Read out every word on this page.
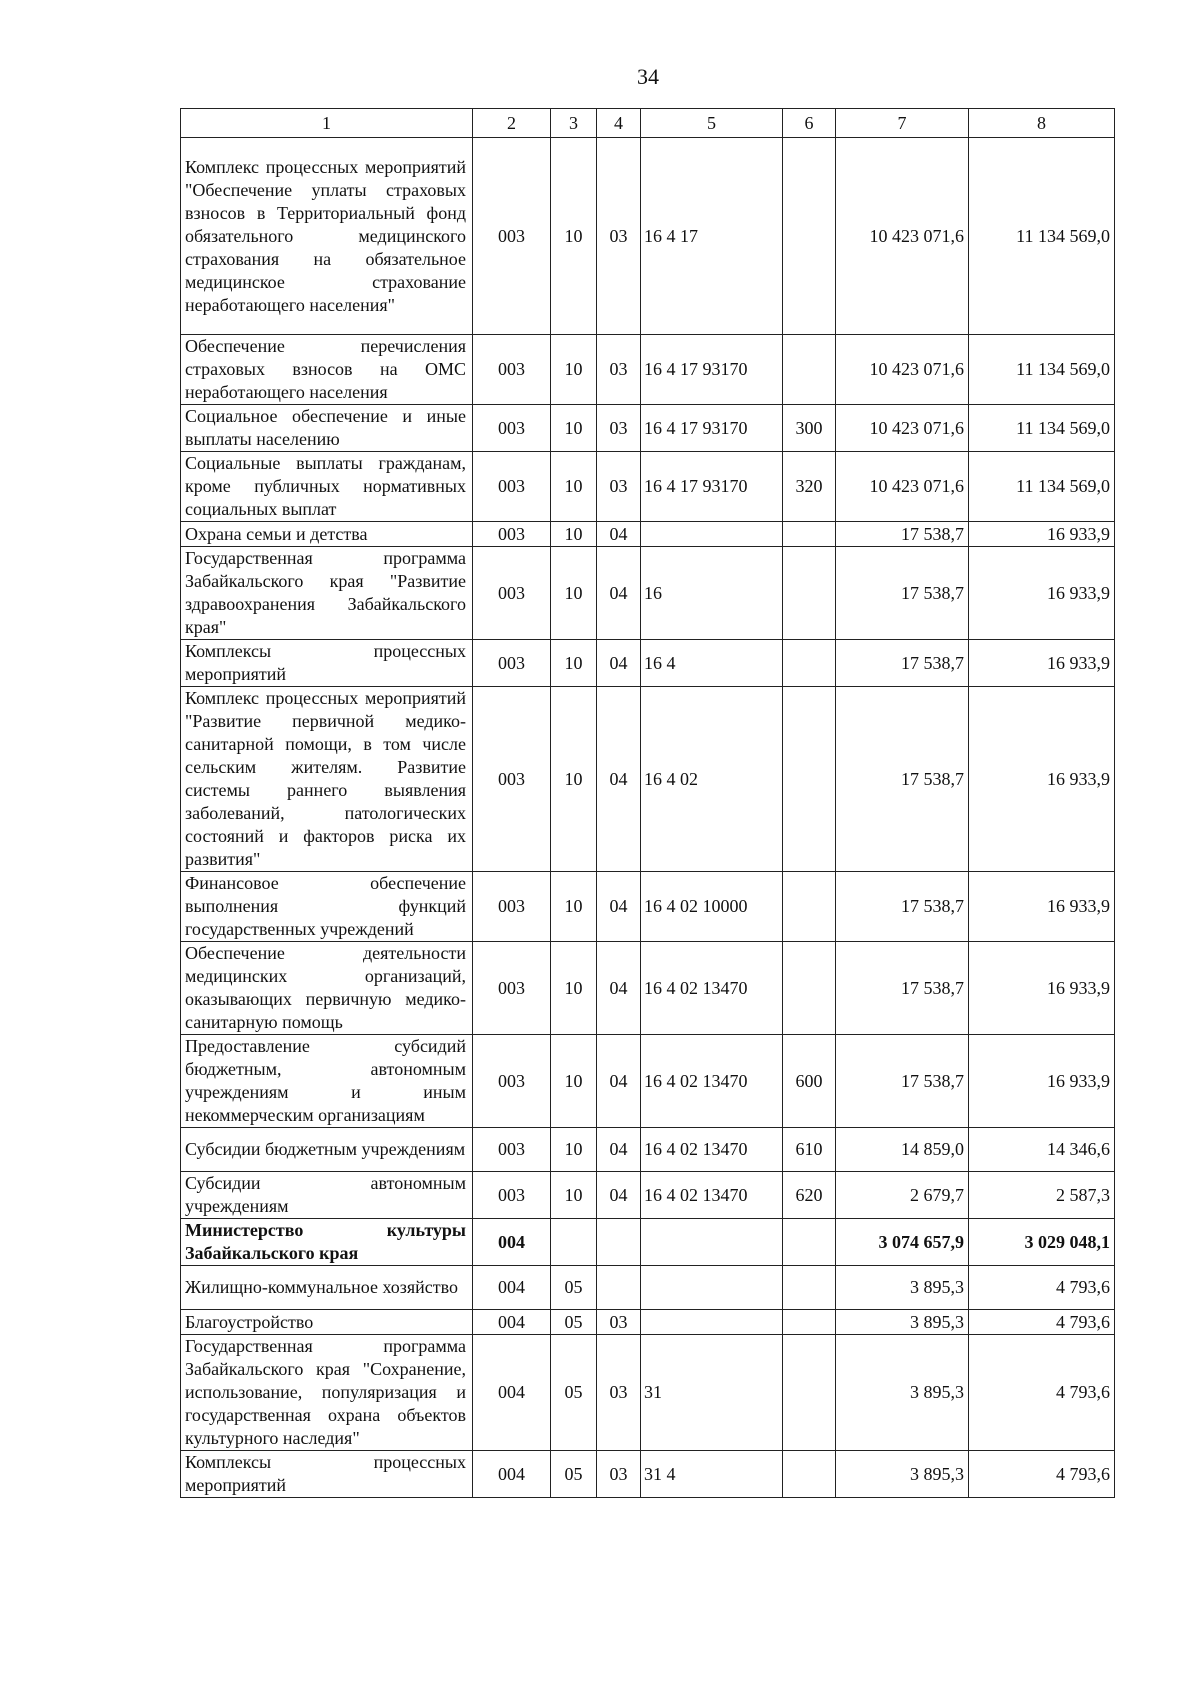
34
1	2	3	4	5	6	7	8
Комплекс процессных мероприятий "Обеспечение уплаты страховых взносов в Территориальный фонд обязательного медицинского страхования на обязательное медицинское страхование неработающего населения"	003	10	03	16 4 17		10 423 071,6	11 134 569,0
Обеспечение перечисления страховых взносов на ОМС неработающего населения	003	10	03	16 4 17 93170		10 423 071,6	11 134 569,0
Социальное обеспечение и иные выплаты населению	003	10	03	16 4 17 93170	300	10 423 071,6	11 134 569,0
Социальные выплаты гражданам, кроме публичных нормативных социальных выплат	003	10	03	16 4 17 93170	320	10 423 071,6	11 134 569,0
Охрана семьи и детства	003	10	04			17 538,7	16 933,9
Государственная программа Забайкальского края "Развитие здравоохранения Забайкальского края"	003	10	04	16		17 538,7	16 933,9
Комплексы процессных мероприятий	003	10	04	16 4		17 538,7	16 933,9
Комплекс процессных мероприятий "Развитие первичной медико-санитарной помощи, в том числе сельским жителям. Развитие системы раннего выявления заболеваний, патологических состояний и факторов риска их развития"	003	10	04	16 4 02		17 538,7	16 933,9
Финансовое обеспечение выполнения функций государственных учреждений	003	10	04	16 4 02 10000		17 538,7	16 933,9
Обеспечение деятельности медицинских организаций, оказывающих первичную медико-санитарную помощь	003	10	04	16 4 02 13470		17 538,7	16 933,9
Предоставление субсидий бюджетным, автономным учреждениям и иным некоммерческим организациям	003	10	04	16 4 02 13470	600	17 538,7	16 933,9
Субсидии бюджетным учреждениям	003	10	04	16 4 02 13470	610	14 859,0	14 346,6
Субсидии автономным учреждениям	003	10	04	16 4 02 13470	620	2 679,7	2 587,3
Министерство культуры Забайкальского края	004					3 074 657,9	3 029 048,1
Жилищно-коммунальное хозяйство	004	05				3 895,3	4 793,6
Благоустройство	004	05	03			3 895,3	4 793,6
Государственная программа Забайкальского края "Сохранение, использование, популяризация и государственная охрана объектов культурного наследия"	004	05	03	31		3 895,3	4 793,6
Комплексы процессных мероприятий	004	05	03	31 4		3 895,3	4 793,6
